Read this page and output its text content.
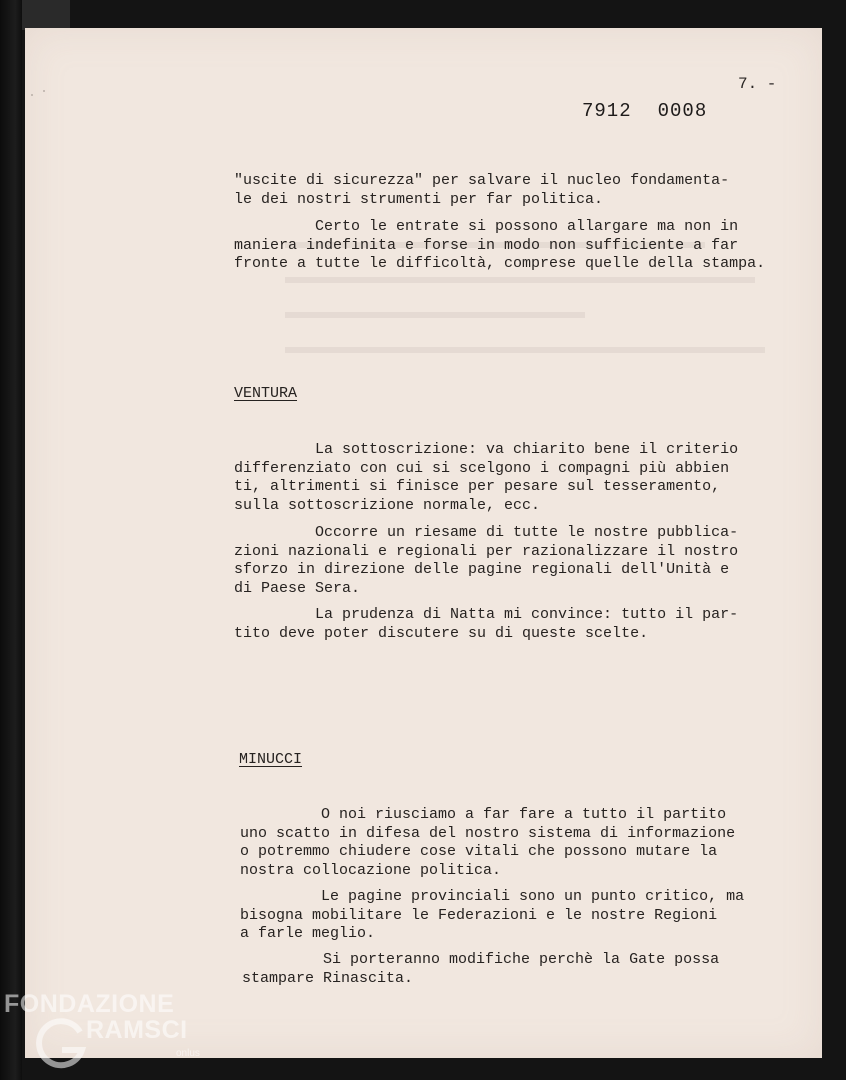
7. -
7912 0008
"uscite di sicurezza" per salvare il nucleo fondamenta-
le dei nostri strumenti per far politica.
Certo le entrate si possono allargare ma non in
maniera indefinita e forse in modo non sufficiente a far
fronte a tutte le difficoltà, comprese quelle della stampa.
VENTURA
La sottoscrizione: va chiarito bene il criterio
differenziato con cui si scelgono i compagni più abbien
ti, altrimenti si finisce per pesare sul tesseramento,
sulla sottoscrizione normale, ecc.
Occorre un riesame di tutte le nostre pubblica-
zioni nazionali e regionali per razionalizzare il nostro
sforzo in direzione delle pagine regionali dell'Unità e
di Paese Sera.
La prudenza di Natta mi convince: tutto il par-
tito deve poter discutere su di queste scelte.
MINUCCI
O noi riusciamo a far fare a tutto il partito
uno scatto in difesa del nostro sistema di informazione
o potremmo chiudere cose vitali che possono mutare la
nostra collocazione politica.
Le pagine provinciali sono un punto critico, ma
bisogna mobilitare le Federazioni e le nostre Regioni
a farle meglio.
Si porteranno modifiche perchè la Gate possa
stampare Rinascita.
FONDAZIONE
RAMSCI
onlus
